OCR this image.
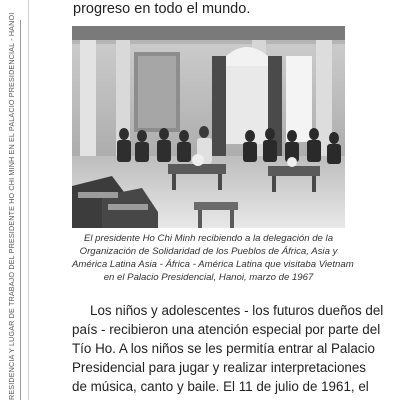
RESIDENCIA Y LUGAR DE TRABAJO DEL PRESIDENTE HO CHI MINH EN EL PALACIO PRESIDENCIAL - HANOI
progreso en todo el mundo.
El presidente Ho Chi Minh recibiendo a la delegación de la
Organización de Solidaridad de los Pueblos de África, Asia y
América Latina Asia - África - América Latina que visitaba Vietnam
en el Palacio Presidencial, Hanoi, marzo de 1967
Los niños y adolescentes - los futuros dueños del
país - recibieron una atención especial por parte del
Tío Ho. A los niños se les permitía entrar al Palacio
Presidencial para jugar y realizar interpretaciones
de música, canto y baile. El 11 de julio de 1961, el
